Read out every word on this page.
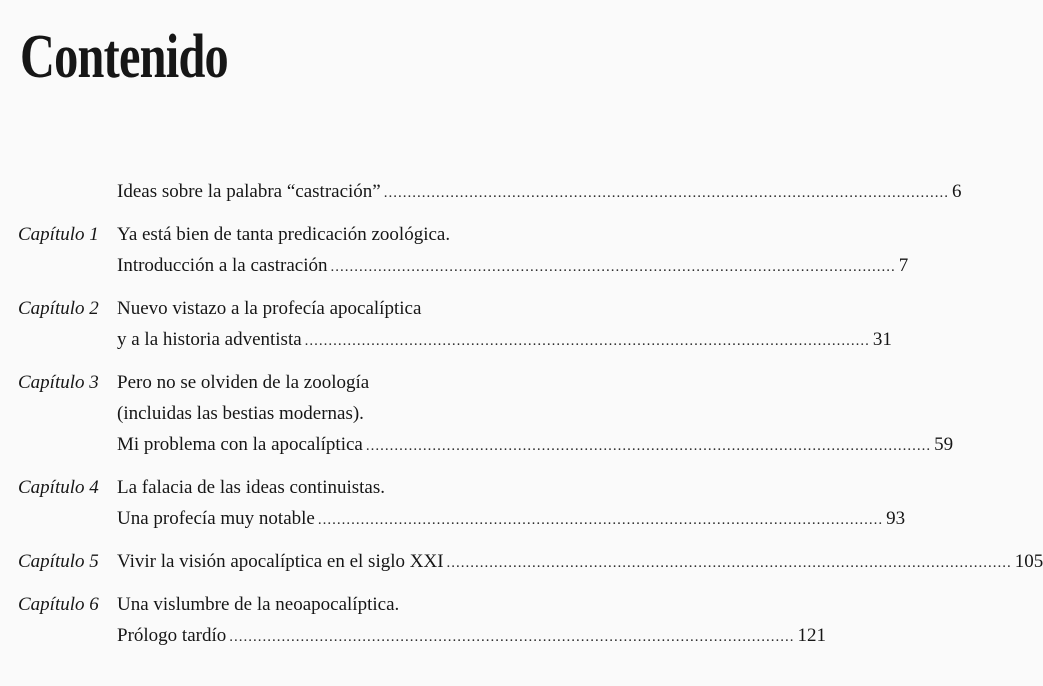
Contenido
Ideas sobre la palabra “castración” .....	6
Capítulo 1 Ya está bien de tanta predicación zoológica.
Introducción a la castración .....	7
Capítulo 2 Nuevo vistazo a la profecía apocalíptica
y a la historia adventista .....	31
Capítulo 3 Pero no se olviden de la zoología
(incluidas las bestias modernas).
Mi problema con la apocalíptica .....	59
Capítulo 4 La falacia de las ideas continuistas.
Una profecía muy notable .....	93
Capítulo 5 Vivir la visión apocalíptica en el siglo XXI .....	105
Capítulo 6 Una vislumbre de la neoapocalíptica.
Prólogo tardío .....	121
